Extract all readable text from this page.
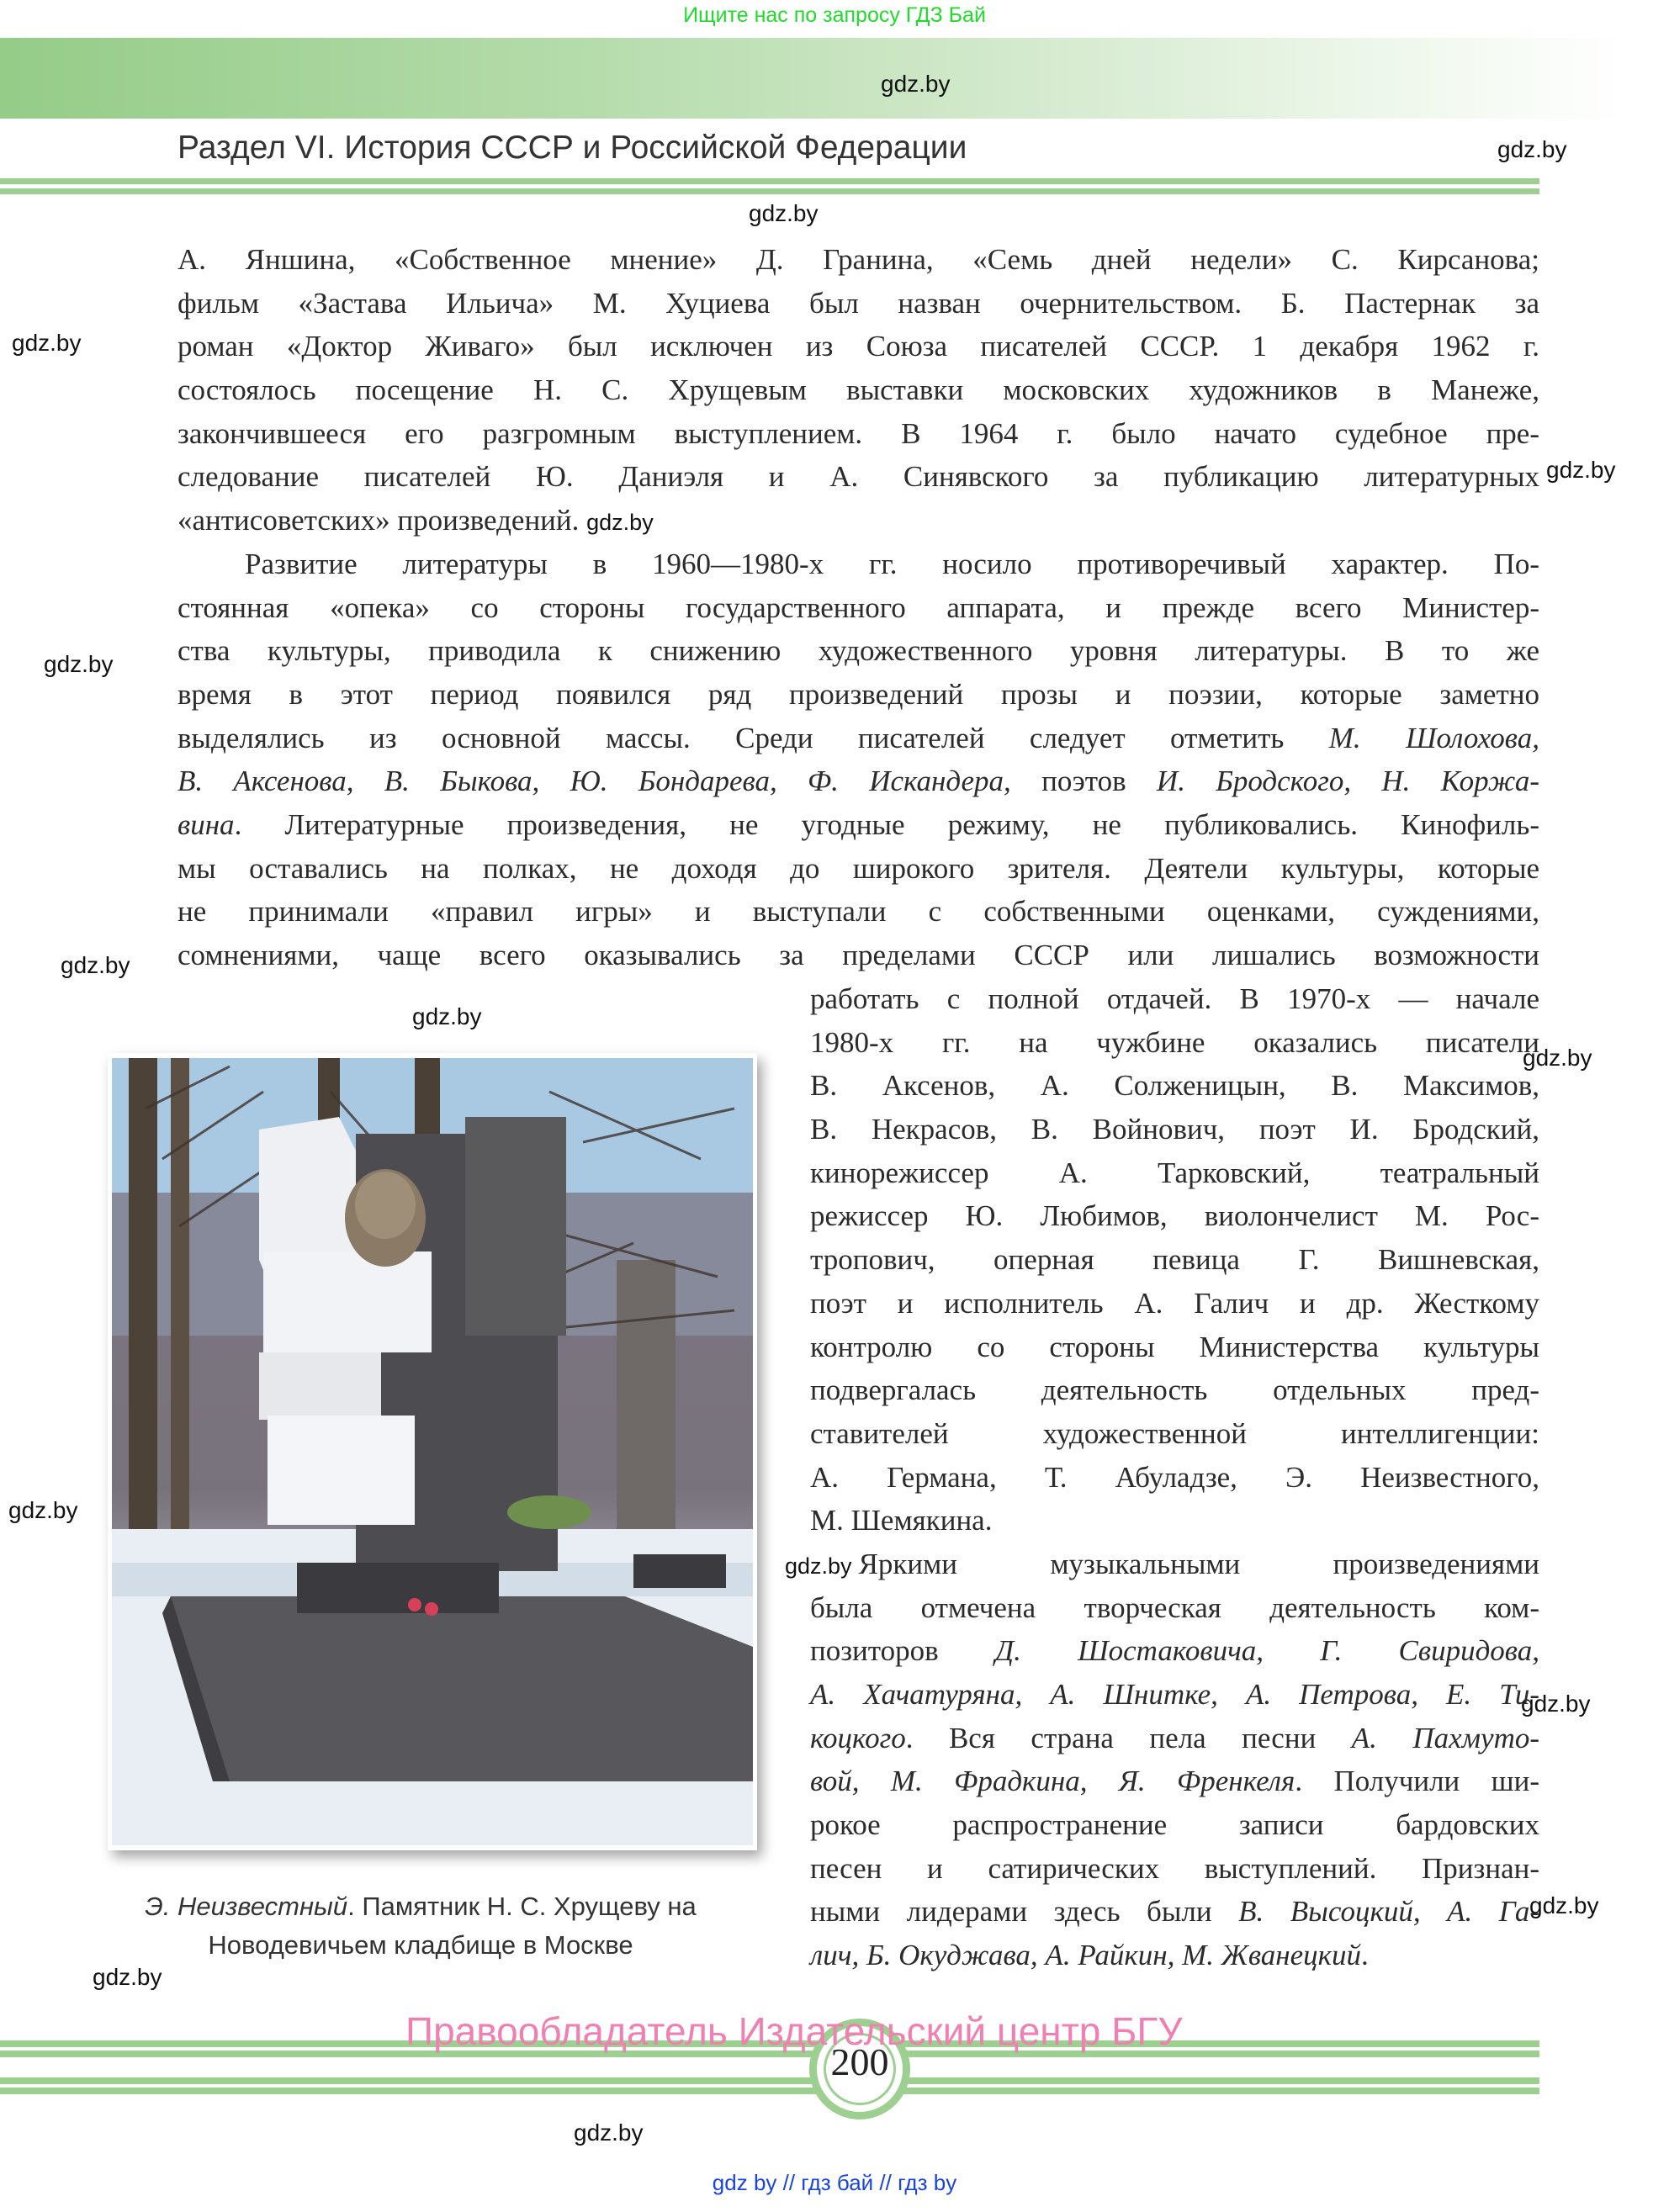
Ищите нас по запросу ГДЗ Бай
gdz.by
Раздел VI. История СССР и Российской Федерации	gdz.by
gdz.by
gdz.by
gdz.by
gdz.by
gdz.by
gdz.by
gdz.by
gdz.by
gdz.by
gdz.by
gdz.by
А. Яншина, «Собственное мнение» Д. Гранина, «Семь дней недели» С. Кирсанова;
фильм «Застава Ильича» М. Хуциева был назван очернительством. Б. Пастернак за
роман «Доктор Живаго» был исключен из Союза писателей СССР. 1 декабря 1962 г.
состоялось посещение Н. С. Хрущевым выставки московских художников в Манеже,
закончившееся его разгромным выступлением. В 1964 г. было начато судебное пре-
следование писателей Ю. Даниэля и А. Синявского за публикацию литературных
«антисоветских» произведений. gdz.by
Развитие литературы в 1960—1980-х гг. носило противоречивый характер. По-
стоянная «опека» со стороны государственного аппарата, и прежде всего Министер-
ства культуры, приводила к снижению художественного уровня литературы. В то же
время в этот период появился ряд произведений прозы и поэзии, которые заметно
выделялись из основной массы. Среди писателей следует отметить М. Шолохова,
В. Аксенова, В. Быкова, Ю. Бондарева, Ф. Искандера, поэтов И. Бродского, Н. Коржа-
вина. Литературные произведения, не угодные режиму, не публиковались. Кинофиль-
мы оставались на полках, не доходя до широкого зрителя. Деятели культуры, которые
не принимали «правил игры» и выступали с собственными оценками, суждениями,
сомнениями, чаще всего оказывались за пределами СССР или лишались возможности
Э. Неизвестный. Памятник Н. С. Хрущеву на
Новодевичьем кладбище в Москве
работать с полной отдачей. В 1970-х — начале
1980-х гг. на чужбине оказались писатели
В. Аксенов, А. Солженицын, В. Максимов,
В. Некрасов, В. Войнович, поэт И. Бродский,
кинорежиссер А. Тарковский, театральный
режиссер Ю. Любимов, виолончелист М. Рос-
тропович, оперная певица Г. Вишневская,
поэт и исполнитель А. Галич и др. Жесткому
контролю со стороны Министерства культуры
подвергалась деятельность отдельных пред-
ставителей художественной интеллигенции:
А. Германа, Т. Абуладзе, Э. Неизвестного,
М. Шемякина.
gdz.by Яркими музыкальными произведениями
была отмечена творческая деятельность ком-
позиторов Д. Шостаковича, Г. Свиридова,
А. Хачатуряна, А. Шнитке, А. Петрова, Е. Ти-
коцкого. Вся страна пела песни А. Пахмуто-
вой, М. Фрадкина, Я. Френкеля. Получили ши-
рокое распространение записи бардовских
песен и сатирических выступлений. Признан-
ными лидерами здесь были В. Высоцкий, А. Га-
лич, Б. Окуджава, А. Райкин, М. Жванецкий.
200
Правообладатель Издательский центр БГУ
gdz.by
gdz by // гдз бай // гдз by
